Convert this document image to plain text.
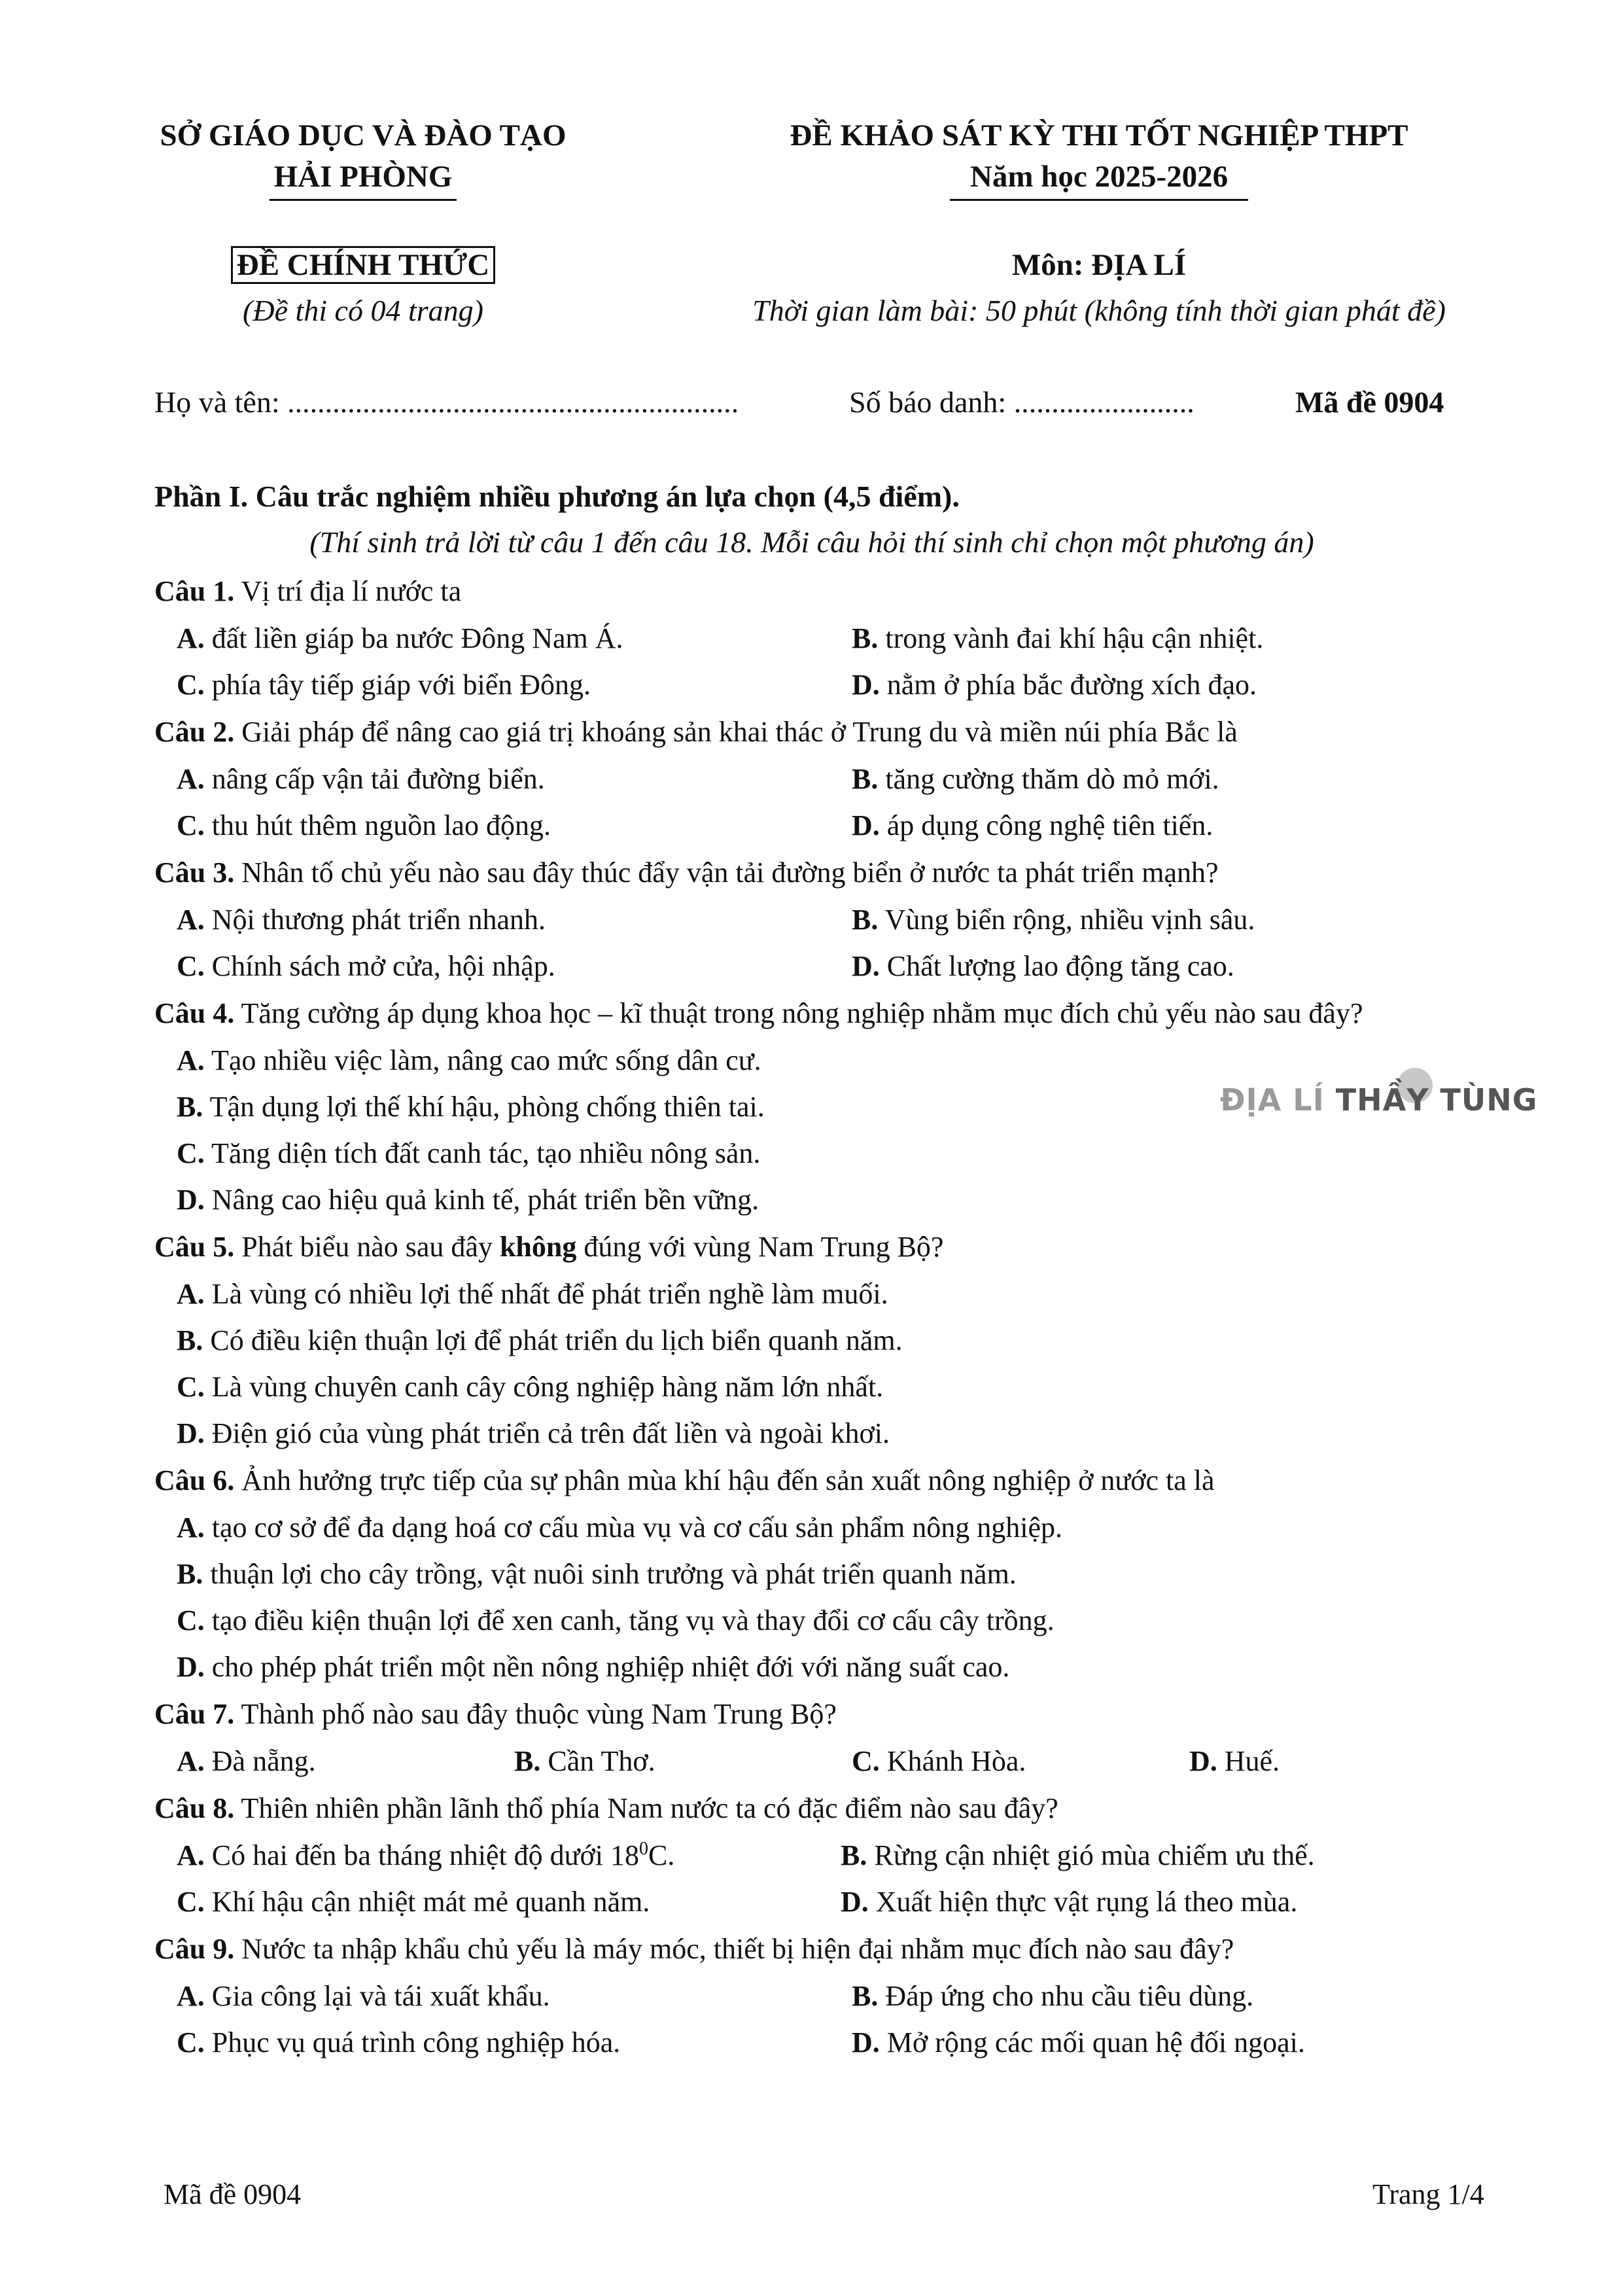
SỞ GIÁO DỤC VÀ ĐÀO TẠO
HẢI PHÒNG
ĐỀ KHẢO SÁT KỲ THI TỐT NGHIỆP THPT
Năm học 2025-2026
ĐỀ CHÍNH THỨC
(Đề thi có 04 trang)
Môn: ĐỊA LÍ
Thời gian làm bài: 50 phút (không tính thời gian phát đề)
Họ và tên: ............................................................	Số báo danh: ........................	Mã đề 0904
Phần I. Câu trắc nghiệm nhiều phương án lựa chọn (4,5 điểm).
(Thí sinh trả lời từ câu 1 đến câu 18. Mỗi câu hỏi thí sinh chỉ chọn một phương án)
Câu 1. Vị trí địa lí nước ta
A. đất liền giáp ba nước Đông Nam Á.	B. trong vành đai khí hậu cận nhiệt.
C. phía tây tiếp giáp với biển Đông.	D. nằm ở phía bắc đường xích đạo.
Câu 2. Giải pháp để nâng cao giá trị khoáng sản khai thác ở Trung du và miền núi phía Bắc là
A. nâng cấp vận tải đường biển.	B. tăng cường thăm dò mỏ mới.
C. thu hút thêm nguồn lao động.	D. áp dụng công nghệ tiên tiến.
Câu 3. Nhân tố chủ yếu nào sau đây thúc đẩy vận tải đường biển ở nước ta phát triển mạnh?
A. Nội thương phát triển nhanh.	B. Vùng biển rộng, nhiều vịnh sâu.
C. Chính sách mở cửa, hội nhập.	D. Chất lượng lao động tăng cao.
Câu 4. Tăng cường áp dụng khoa học – kĩ thuật trong nông nghiệp nhằm mục đích chủ yếu nào sau đây?
A. Tạo nhiều việc làm, nâng cao mức sống dân cư.
B. Tận dụng lợi thế khí hậu, phòng chống thiên tai.
C. Tăng diện tích đất canh tác, tạo nhiều nông sản.
D. Nâng cao hiệu quả kinh tế, phát triển bền vững.
ĐỊA LÍ THẦY TÙNG
Câu 5. Phát biểu nào sau đây không đúng với vùng Nam Trung Bộ?
A. Là vùng có nhiều lợi thế nhất để phát triển nghề làm muối.
B. Có điều kiện thuận lợi để phát triển du lịch biển quanh năm.
C. Là vùng chuyên canh cây công nghiệp hàng năm lớn nhất.
D. Điện gió của vùng phát triển cả trên đất liền và ngoài khơi.
Câu 6. Ảnh hưởng trực tiếp của sự phân mùa khí hậu đến sản xuất nông nghiệp ở nước ta là
A. tạo cơ sở để đa dạng hoá cơ cấu mùa vụ và cơ cấu sản phẩm nông nghiệp.
B. thuận lợi cho cây trồng, vật nuôi sinh trưởng và phát triển quanh năm.
C. tạo điều kiện thuận lợi để xen canh, tăng vụ và thay đổi cơ cấu cây trồng.
D. cho phép phát triển một nền nông nghiệp nhiệt đới với năng suất cao.
Câu 7. Thành phố nào sau đây thuộc vùng Nam Trung Bộ?
A. Đà nẵng.	B. Cần Thơ.	C. Khánh Hòa.	D. Huế.
Câu 8. Thiên nhiên phần lãnh thổ phía Nam nước ta có đặc điểm nào sau đây?
A. Có hai đến ba tháng nhiệt độ dưới $18^0C$.	B. Rừng cận nhiệt gió mùa chiếm ưu thế.
C. Khí hậu cận nhiệt mát mẻ quanh năm.	D. Xuất hiện thực vật rụng lá theo mùa.
Câu 9. Nước ta nhập khẩu chủ yếu là máy móc, thiết bị hiện đại nhằm mục đích nào sau đây?
A. Gia công lại và tái xuất khẩu.	B. Đáp ứng cho nhu cầu tiêu dùng.
C. Phục vụ quá trình công nghiệp hóa.	D. Mở rộng các mối quan hệ đối ngoại.
Mã đề 0904	Trang 1/4
